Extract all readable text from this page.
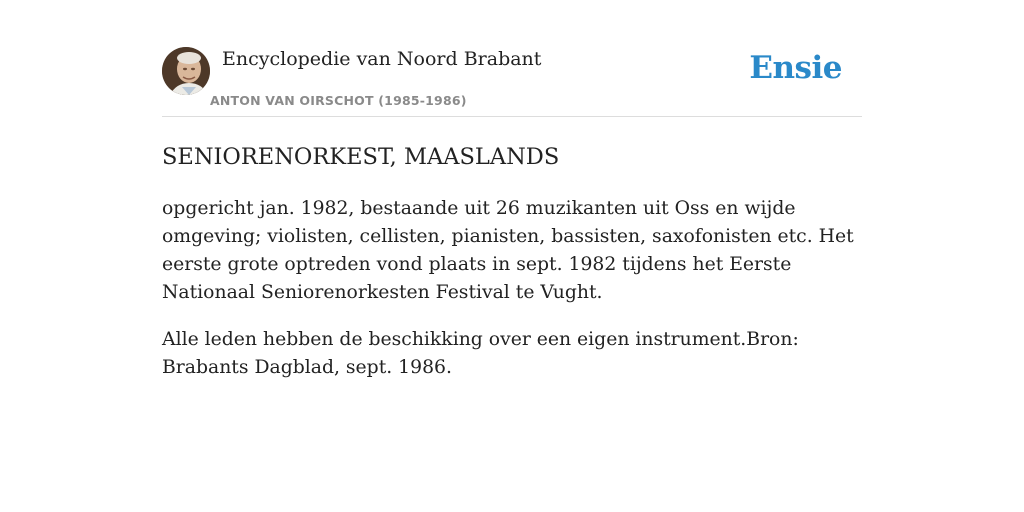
Encyclopedie van Noord Brabant
ANTON VAN OIRSCHOT (1985-1986)
Ensie
SENIORENORKEST, MAASLANDS

opgericht jan. 1982, bestaande uit 26 muzikanten uit Oss en wijde omgeving; violisten, cellisten, pianisten, bassisten, saxofonisten etc. Het eerste grote optreden vond plaats in sept. 1982 tijdens het Eerste Nationaal Seniorenorkesten Festival te Vught.

Alle leden hebben de beschikking over een eigen instrument.Bron: Brabants Dagblad, sept. 1986.
